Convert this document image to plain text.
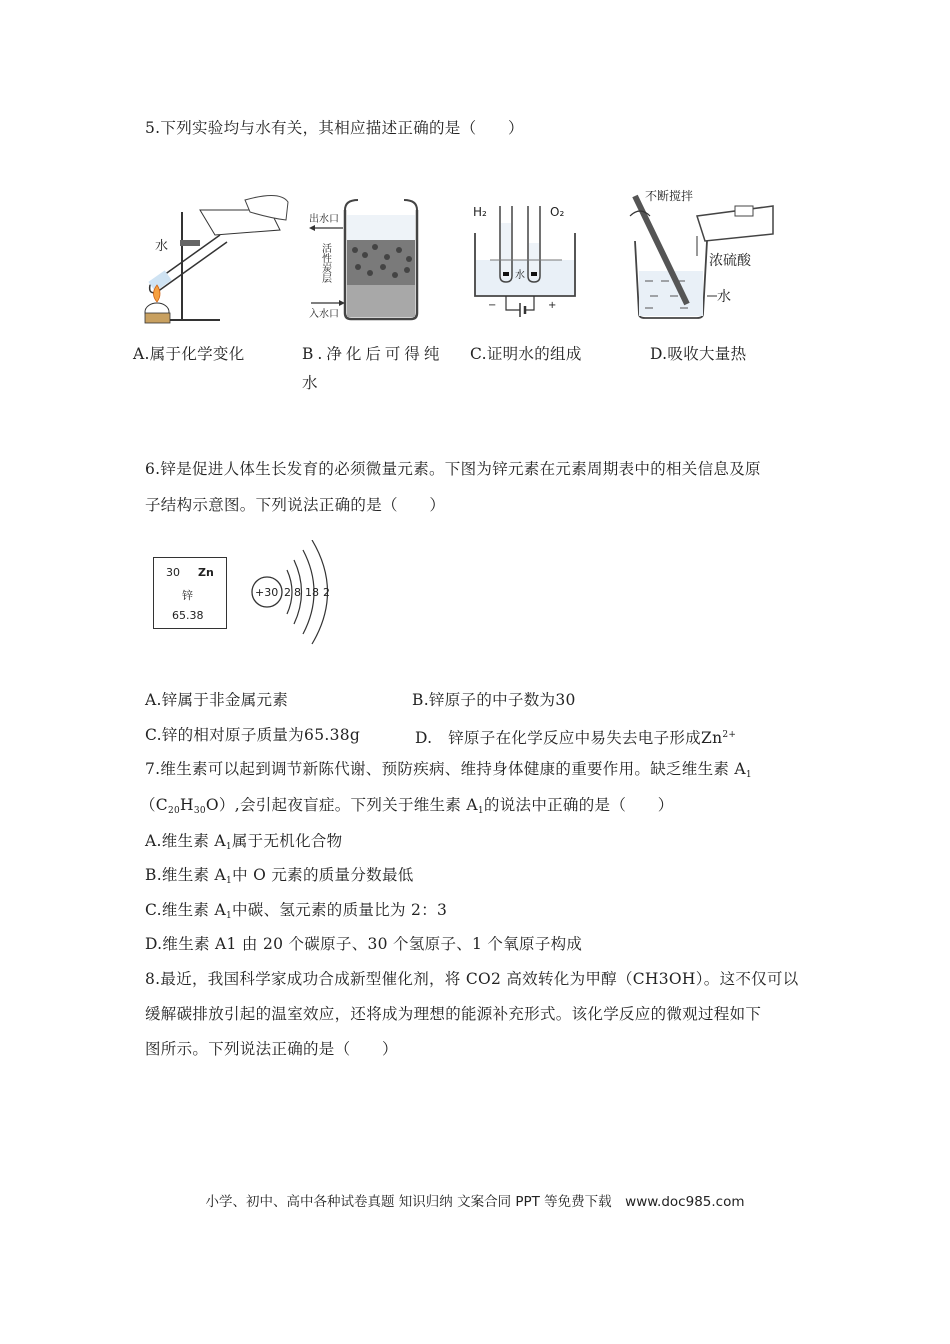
5.下列实验均与水有关，其相应描述正确的是（　　）
水
出水口
入水口
活性炭层
H₂	O₂
水
−	+
不断搅拌
浓硫酸
水
A.属于化学变化	B.净化后可得纯
水
C.证明水的组成	D.吸收大量热
6.锌是促进人体生长发育的必须微量元素。下图为锌元素在元素周期表中的相关信息及原
子结构示意图。下列说法正确的是（　　）
30 Zn
锌
65.38
+30 2 8 18 2
A.锌属于非金属元素	B.锌原子的中子数为30
C.锌的相对原子质量为65.38g	D.　锌原子在化学反应中易失去电子形成$Zn^{2+}$
7.维生素可以起到调节新陈代谢、预防疾病、维持身体健康的重要作用。缺乏维生素 $A_1$
$(C_{20}H_{30}O)$,会引起夜盲症。下列关于维生素 $A_1$的说法中正确的是（　　）
A.维生素 $A_1$属于无机化合物
B.维生素 $A_1$中 O 元素的质量分数最低
C.维生素 $A_1$中碳、氢元素的质量比为 2：3
D.维生素 A1 由 20 个碳原子、30 个氢原子、1 个氧原子构成
8.最近，我国科学家成功合成新型催化剂，将 CO2 高效转化为甲醇（CH3OH）。这不仅可以
缓解碳排放引起的温室效应，还将成为理想的能源补充形式。该化学反应的微观过程如下
图所示。下列说法正确的是（　　）
小学、初中、高中各种试卷真题 知识归纳 文案合同 PPT 等免费下载　www.doc985.com
